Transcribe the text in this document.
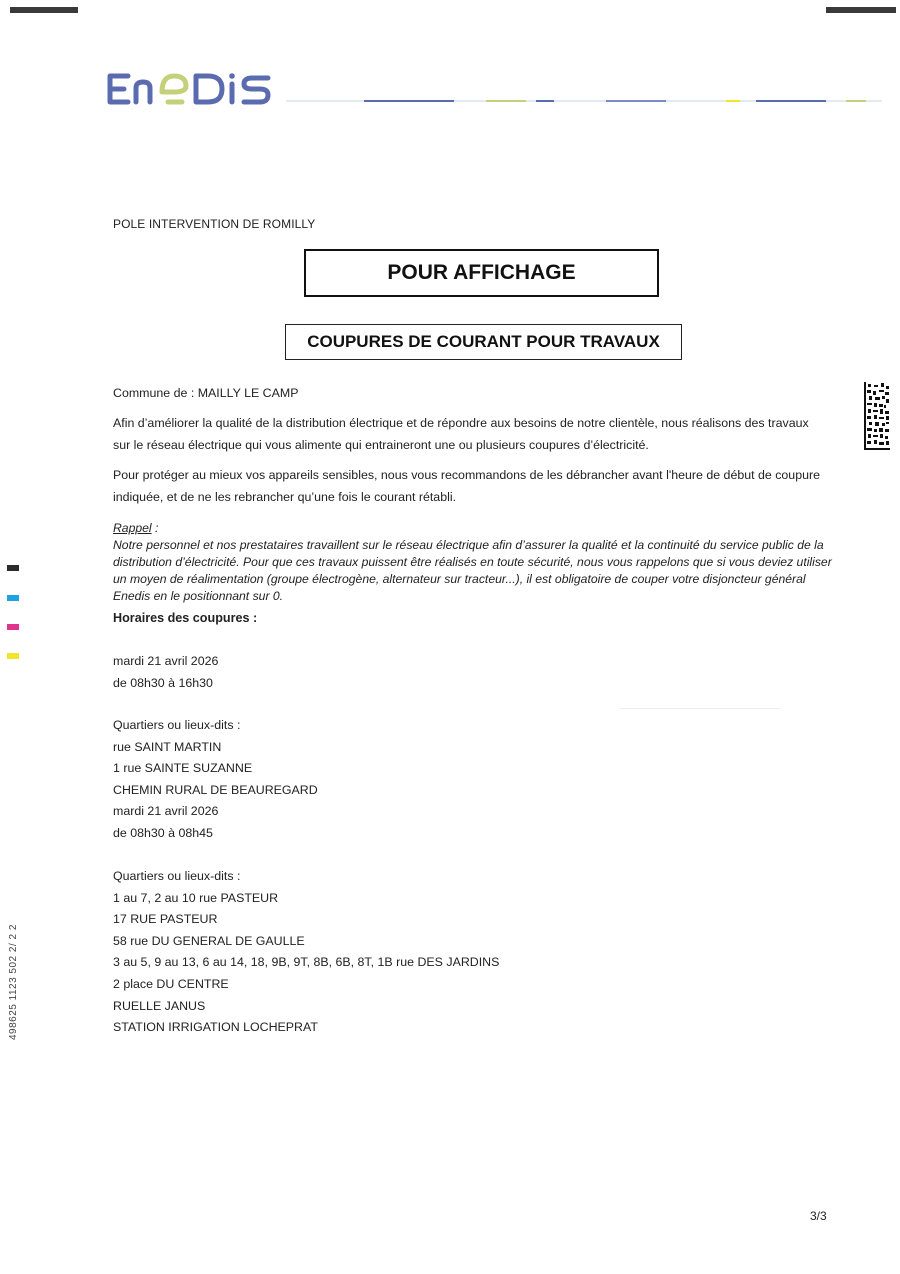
POLE INTERVENTION DE ROMILLY
POUR AFFICHAGE
COUPURES DE COURANT POUR TRAVAUX
Commune de : MAILLY LE CAMP
Afin d’améliorer la qualité de la distribution électrique et de répondre aux besoins de notre clientèle, nous réalisons des travaux sur le réseau électrique qui vous alimente qui entraineront une ou plusieurs coupures d’électricité.
Pour protéger au mieux vos appareils sensibles, nous vous recommandons de les débrancher avant l'heure de début de coupure indiquée, et de ne les rebrancher qu’une fois le courant rétabli.
Rappel :
Notre personnel et nos prestataires travaillent sur le réseau électrique afin d’assurer la qualité et la continuité du service public de la distribution d’électricité. Pour que ces travaux puissent être réalisés en toute sécurité, nous vous rappelons que si vous deviez utiliser un moyen de réalimentation (groupe électrogène, alternateur sur tracteur...), il est obligatoire de couper votre disjoncteur général Enedis en le positionnant sur 0.
Horaires des coupures :
mardi 21 avril 2026
de 08h30 à 16h30
Quartiers ou lieux-dits :
rue SAINT MARTIN
1 rue SAINTE SUZANNE
CHEMIN RURAL DE BEAUREGARD
mardi 21 avril 2026
de 08h30 à 08h45
Quartiers ou lieux-dits :
1 au 7, 2 au 10 rue PASTEUR
17 RUE PASTEUR
58 rue DU GENERAL DE GAULLE
3 au 5, 9 au 13, 6 au 14, 18, 9B, 9T, 8B, 6B, 8T, 1B rue DES JARDINS
2 place DU CENTRE
RUELLE JANUS
STATION IRRIGATION LOCHEPRAT
498625 1123 502 2/ 2 2
3/3
